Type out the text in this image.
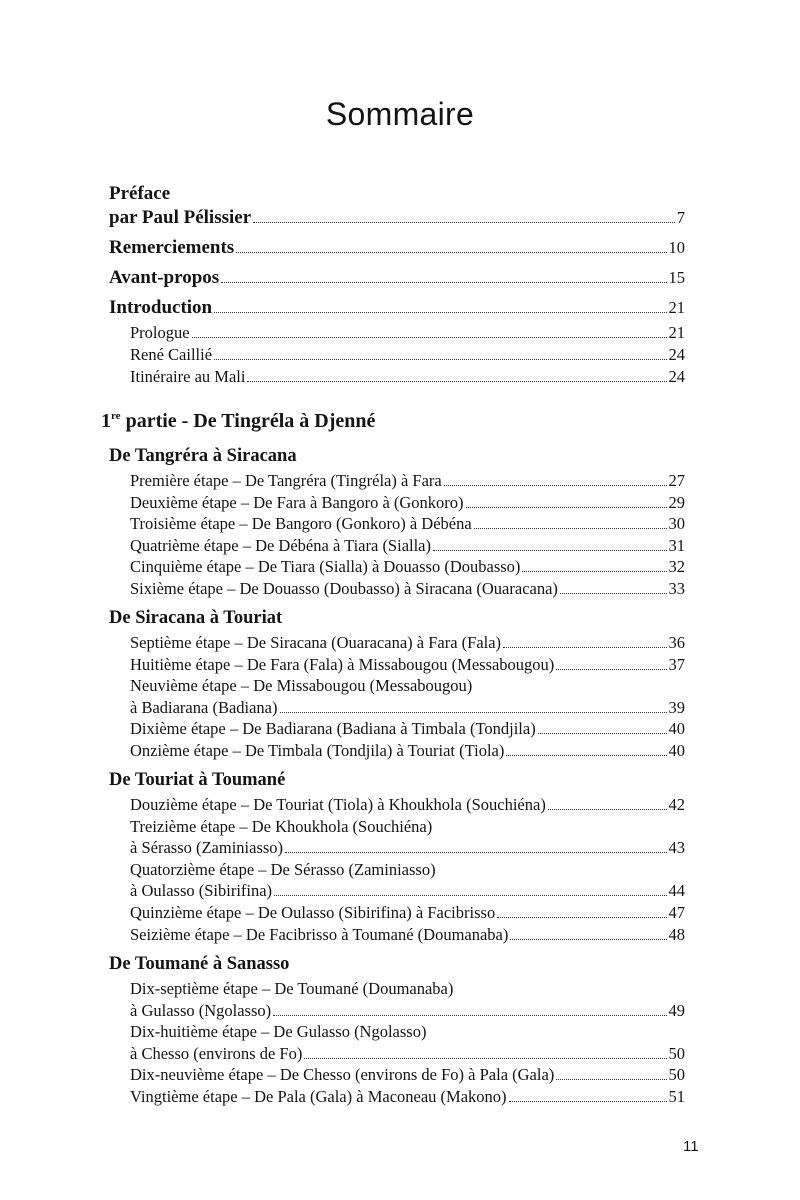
Sommaire
Préface
par Paul Pélissier	7
Remerciements	10
Avant-propos	15
Introduction	21
Prologue	21
René Caillié	24
Itinéraire au Mali	24
1re partie - De Tingréla à Djenné
De Tangréra à Siracana
Première étape – De Tangréra (Tingréla) à Fara	27
Deuxième étape – De Fara à Bangoro à (Gonkoro)	29
Troisième étape – De Bangoro (Gonkoro) à Débéna	30
Quatrième étape – De Débéna à Tiara (Sialla)	31
Cinquième étape – De Tiara (Sialla) à Douasso (Doubasso)	32
Sixième étape – De Douasso (Doubasso) à Siracana (Ouaracana)	33
De Siracana à Touriat
Septième étape – De Siracana (Ouaracana) à Fara (Fala)	36
Huitième étape – De Fara (Fala) à Missabougou (Messabougou)	37
Neuvième étape – De Missabougou (Messabougou)
à Badiarana (Badiana)	39
Dixième étape – De Badiarana (Badiana à Timbala (Tondjila)	40
Onzième étape – De Timbala (Tondjila) à Touriat (Tiola)	40
De Touriat à Toumané
Douzième étape – De Touriat (Tiola) à Khoukhola (Souchiéna)	42
Treizième étape – De Khoukhola (Souchiéna)
à Sérasso (Zaminiasso)	43
Quatorzième étape – De Sérasso (Zaminiasso)
à Oulasso (Sibirifina)	44
Quinzième étape – De Oulasso (Sibirifina) à Facibrisso	47
Seizième étape – De Facibrisso à Toumané (Doumanaba)	48
De Toumané à Sanasso
Dix-septième étape – De Toumané (Doumanaba)
à Gulasso (Ngolasso)	49
Dix-huitième étape – De Gulasso (Ngolasso)
à Chesso (environs de Fo)	50
Dix-neuvième étape – De Chesso (environs de Fo) à Pala (Gala)	50
Vingtième étape – De Pala (Gala) à Maconeau (Makono)	51
11
